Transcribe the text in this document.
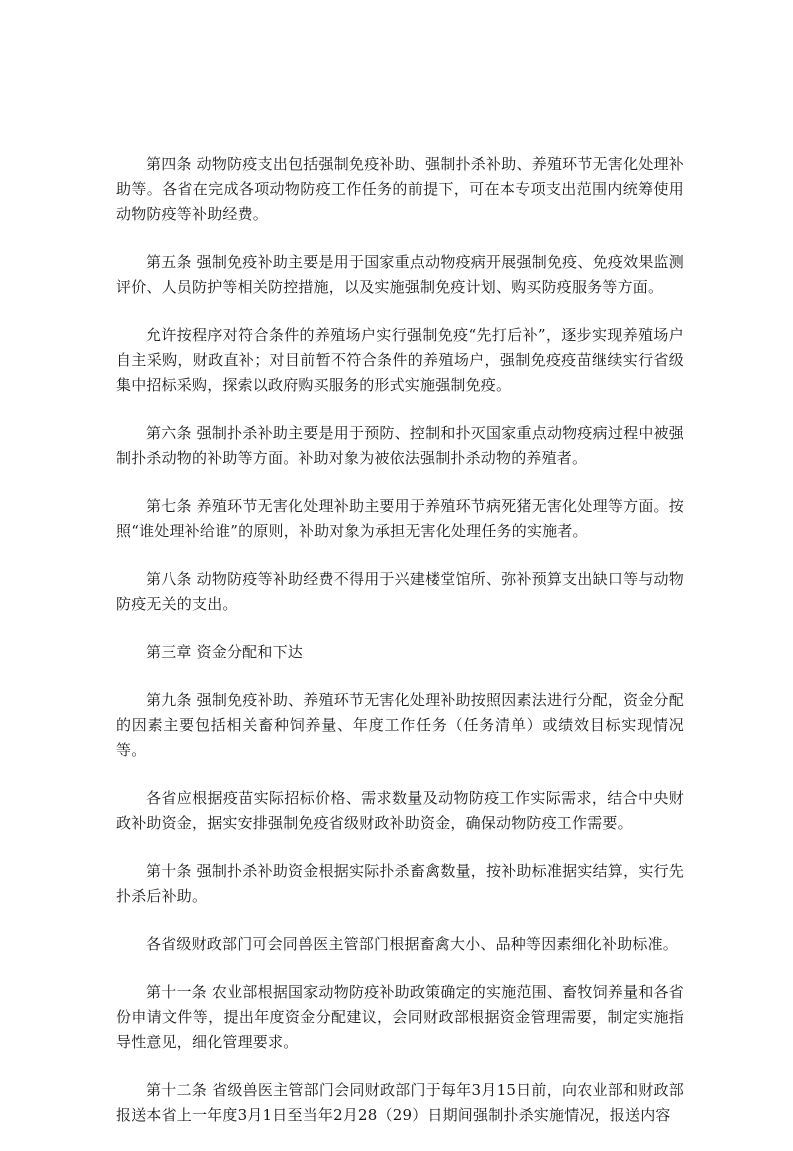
第四条 动物防疫支出包括强制免疫补助、强制扑杀补助、养殖环节无害化处理补助等。各省在完成各项动物防疫工作任务的前提下，可在本专项支出范围内统筹使用动物防疫等补助经费。

第五条 强制免疫补助主要是用于国家重点动物疫病开展强制免疫、免疫效果监测评价、人员防护等相关防控措施，以及实施强制免疫计划、购买防疫服务等方面。

允许按程序对符合条件的养殖场户实行强制免疫“先打后补”，逐步实现养殖场户自主采购，财政直补；对目前暂不符合条件的养殖场户，强制免疫疫苗继续实行省级集中招标采购，探索以政府购买服务的形式实施强制免疫。

第六条 强制扑杀补助主要是用于预防、控制和扑灭国家重点动物疫病过程中被强制扑杀动物的补助等方面。补助对象为被依法强制扑杀动物的养殖者。

第七条 养殖环节无害化处理补助主要用于养殖环节病死猪无害化处理等方面。按照“谁处理补给谁”的原则，补助对象为承担无害化处理任务的实施者。

第八条 动物防疫等补助经费不得用于兴建楼堂馆所、弥补预算支出缺口等与动物防疫无关的支出。

第三章 资金分配和下达

第九条 强制免疫补助、养殖环节无害化处理补助按照因素法进行分配，资金分配的因素主要包括相关畜种饲养量、年度工作任务（任务清单）或绩效目标实现情况等。

各省应根据疫苗实际招标价格、需求数量及动物防疫工作实际需求，结合中央财政补助资金，据实安排强制免疫省级财政补助资金，确保动物防疫工作需要。

第十条 强制扑杀补助资金根据实际扑杀畜禽数量，按补助标准据实结算，实行先扑杀后补助。

各省级财政部门可会同兽医主管部门根据畜禽大小、品种等因素细化补助标准。

第十一条 农业部根据国家动物防疫补助政策确定的实施范围、畜牧饲养量和各省份申请文件等，提出年度资金分配建议，会同财政部根据资金管理需要，制定实施指导性意见，细化管理要求。

第十二条 省级兽医主管部门会同财政部门于每年3月15日前，向农业部和财政部报送本省上一年度3月1日至当年2月28（29）日期间强制扑杀实施情况，报送内容
